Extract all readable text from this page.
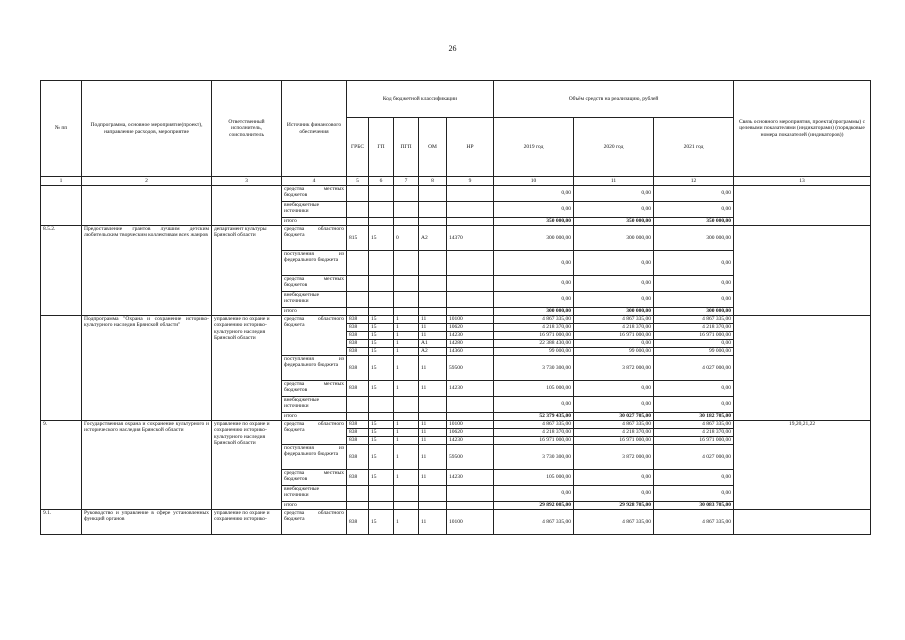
26
№ пп	Подпрограмма, основное мероприятие(проект), направление расходов, мероприятие	Ответственный исполнитель, соисполнитель	Источник финансового обеспечения	Код бюджетной классификации					Объём средств на реализацию, рублей			Связь основного мероприятия, проекта(программы) с целевыми показателями (индикаторами) (порядковые номера показателей (индикаторов))
				ГРБС	ГП	ПГП	ОМ	НР	2019 год	2020 год	2021 год	
1	2	3	4	5	6	7	8	9	10	11	12	13
			средства местных бюджетов						0,00	0,00	0,00	
			внебюджетные источники						0,00	0,00	0,00	
			итого						350 000,00	350 000,00	350 000,00	
8.5.2.	Предоставление грантов лучшим детским любительским творческим коллективам всех жанров	департамент культуры Брянской области	средства областного бюджета	815	15	0	А2	14370	300 000,00	300 000,00	300 000,00	
			поступления из федерального бюджета						0,00	0,00	0,00	
			средства местных бюджетов						0,00	0,00	0,00	
			внебюджетные источники						0,00	0,00	0,00	
			итого						300 000,00	300 000,00	300 000,00	
	Подпрограмма "Охрана и сохранение историко-культурного наследия Брянской области"	управление по охране и сохранению историко-культурного наследия Брянской области	средства областного бюджета	838	15	1	11	10100	4 867 335,00	4 867 335,00	4 867 335,00	
				838	15	1	11	10620	4 218 370,00	4 218 370,00	4 218 370,00	
				838	15	1	11	14230	16 971 000,00	16 971 000,00	16 971 000,00	
				838	15	1	А1	14280	22 388 430,00	0,00	0,00	
				838	15	1	А2	14360	99 000,00	99 000,00	99 000,00	
			поступления из федерального бюджета	838	15	1	11	59500	3 730 300,00	3 872 000,00	4 027 000,00	
			средства местных бюджетов	838	15	1	11	14230	105 000,00	0,00	0,00	
			внебюджетные источники						0,00	0,00	0,00	
			итого						52 379 435,00	30 027 705,00	30 182 705,00	
9.	Государственная охрана и сохранение культурного и исторического наследия Брянской области	управление по охране и сохранению историко-культурного наследия Брянской области	средства областного бюджета	838	15	1	11	10100	4 867 335,00	4 867 335,00	4 867 335,00	19,20,21,22
				838	15	1	11	10620	4 218 370,00	4 218 370,00	4 218 370,00	
				838	15	1	11	14230	16 971 000,00	16 971 000,00	16 971 000,00	
			поступления из федерального бюджета	838	15	1	11	59500	3 730 300,00	3 872 000,00	4 027 000,00	
			средства местных бюджетов	838	15	1	11	14230	105 000,00	0,00	0,00	
			внебюджетные источники						0,00	0,00	0,00	
			итого						29 892 005,00	29 928 705,00	30 083 705,00	
9.1.	Руководство и управление в сфере установленных функций органов	управление по охране и сохранению историко-	средства областного бюджета	838	15	1	11	10100	4 867 335,00	4 867 335,00	4 867 335,00	
